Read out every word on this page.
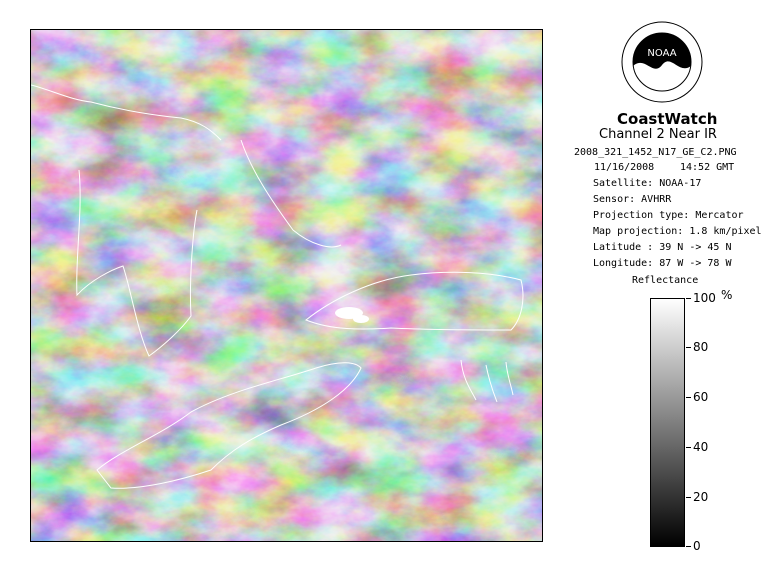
NOAA
CoastWatch
Channel 2 Near IR
2008_321_1452_N17_GE_C2.PNG
11/16/2008	14:52 GMT
Satellite: NOAA-17
Sensor: AVHRR
Projection type: Mercator
Map projection: 1.8 km/pixel
Latitude : 39 N -> 45 N
Longitude: 87 W -> 78 W
Reflectance
100 %
80
60
40
20
0
